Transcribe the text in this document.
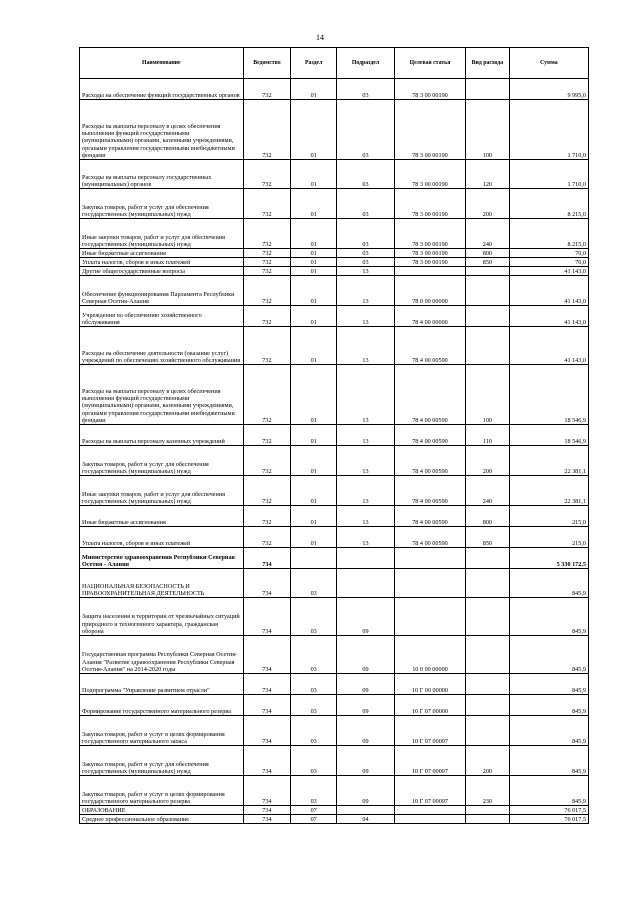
14
Наименование	Ведомство	Раздел	Подраздел	Целевая статья	Вид расхода	Сумма
Расходы на обеспечение функций государственных органов	732	01	03	78 3 00 00190		9 995,0
Расходы на выплаты персоналу в целях обеспечения выполнения функций государственными (муниципальными) органами, казенными учреждениями, органами управления государственными внебюджетными фондами	732	01	03	78 3 00 00190	100	1 710,0
Расходы на выплаты персоналу государственных (муниципальных) органов	732	01	03	78 3 00 00190	120	1 710,0
Закупка товаров, работ и услуг для обеспечения государственных (муниципальных) нужд	732	01	03	78 3 00 00190	200	8 215,0
Иные закупки товаров, работ и услуг для обеспечения государственных (муниципальных) нужд	732	01	03	78 3 00 00190	240	8 215,0
Иные бюджетные ассигнования	732	01	03	78 3 00 00190	800	70,0
Уплата налогов, сборов и иных платежей	732	01	03	78 3 00 00190	850	70,0
Другие общегосударственные вопросы	732	01	13			41 143,0
Обеспечение функционирования Парламента Республики Северная Осетия-Алания	732	01	13	78 0 00 00000		41 143,0
Учреждения по обеспечению хозяйственного обслуживания	732	01	13	78 4 00 00000		41 143,0
Расходы на обеспечение деятельности (оказание услуг) учреждений по обеспечению хозяйственного обслуживания	732	01	13	78 4 00 00590		41 143,0
Расходы на выплаты персоналу в целях обеспечения выполнения функций государственными (муниципальными) органами, казенными учреждениями, органами управления государственными внебюджетными фондами	732	01	13	78 4 00 00590	100	18 546,9
Расходы на выплаты персоналу казенных учреждений	732	01	13	78 4 00 00590	110	18 546,9
Закупка товаров, работ и услуг для обеспечения государственных (муниципальных) нужд	732	01	13	78 4 00 00590	200	22 381,1
Иные закупки товаров, работ и услуг для обеспечения государственных (муниципальных) нужд	732	01	13	78 4 00 00590	240	22 381,1
Иные бюджетные ассигнования	732	01	13	78 4 00 00590	800	215,0
Уплата налогов, сборов и иных платежей	732	01	13	78 4 00 00590	850	215,0
Министерство здравоохранения Республики Северная Осетия - Алания	734					5 330 172,5
НАЦИОНАЛЬНАЯ БЕЗОПАСНОСТЬ И ПРАВООХРАНИТЕЛЬНАЯ ДЕЯТЕЛЬНОСТЬ	734	03				845,9
Защита населения и территории от чрезвычайных ситуаций природного и техногенного характера, гражданская оборона	734	03	09			845,9
Государственная программа Республики Северная Осетия-Алания "Развитие здравоохранения Республики Северная Осетия-Алания" на 2014-2020 годы	734	03	09	10 0 00 00000		845,9
Подпрограмма "Управление развитием отрасли"	734	03	09	10 Г 00 00000		845,9
Формирование государственного материального резерва	734	03	09	10 Г 07 00000		845,9
Закупка товаров, работ и услуг в целях формирования государственного материального запаса	734	03	09	10 Г 07 00097		845,9
Закупка товаров, работ и услуг для обеспечения государственных (муниципальных) нужд	734	03	09	10 Г 07 00097	200	845,9
Закупка товаров, работ и услуг в целях формирования государственного материального резерва	734	03	09	10 Г 07 00097	230	845,9
ОБРАЗОВАНИЕ	734	07				76 017,5
Среднее профессиональное образование	734	07	04			76 017,5
